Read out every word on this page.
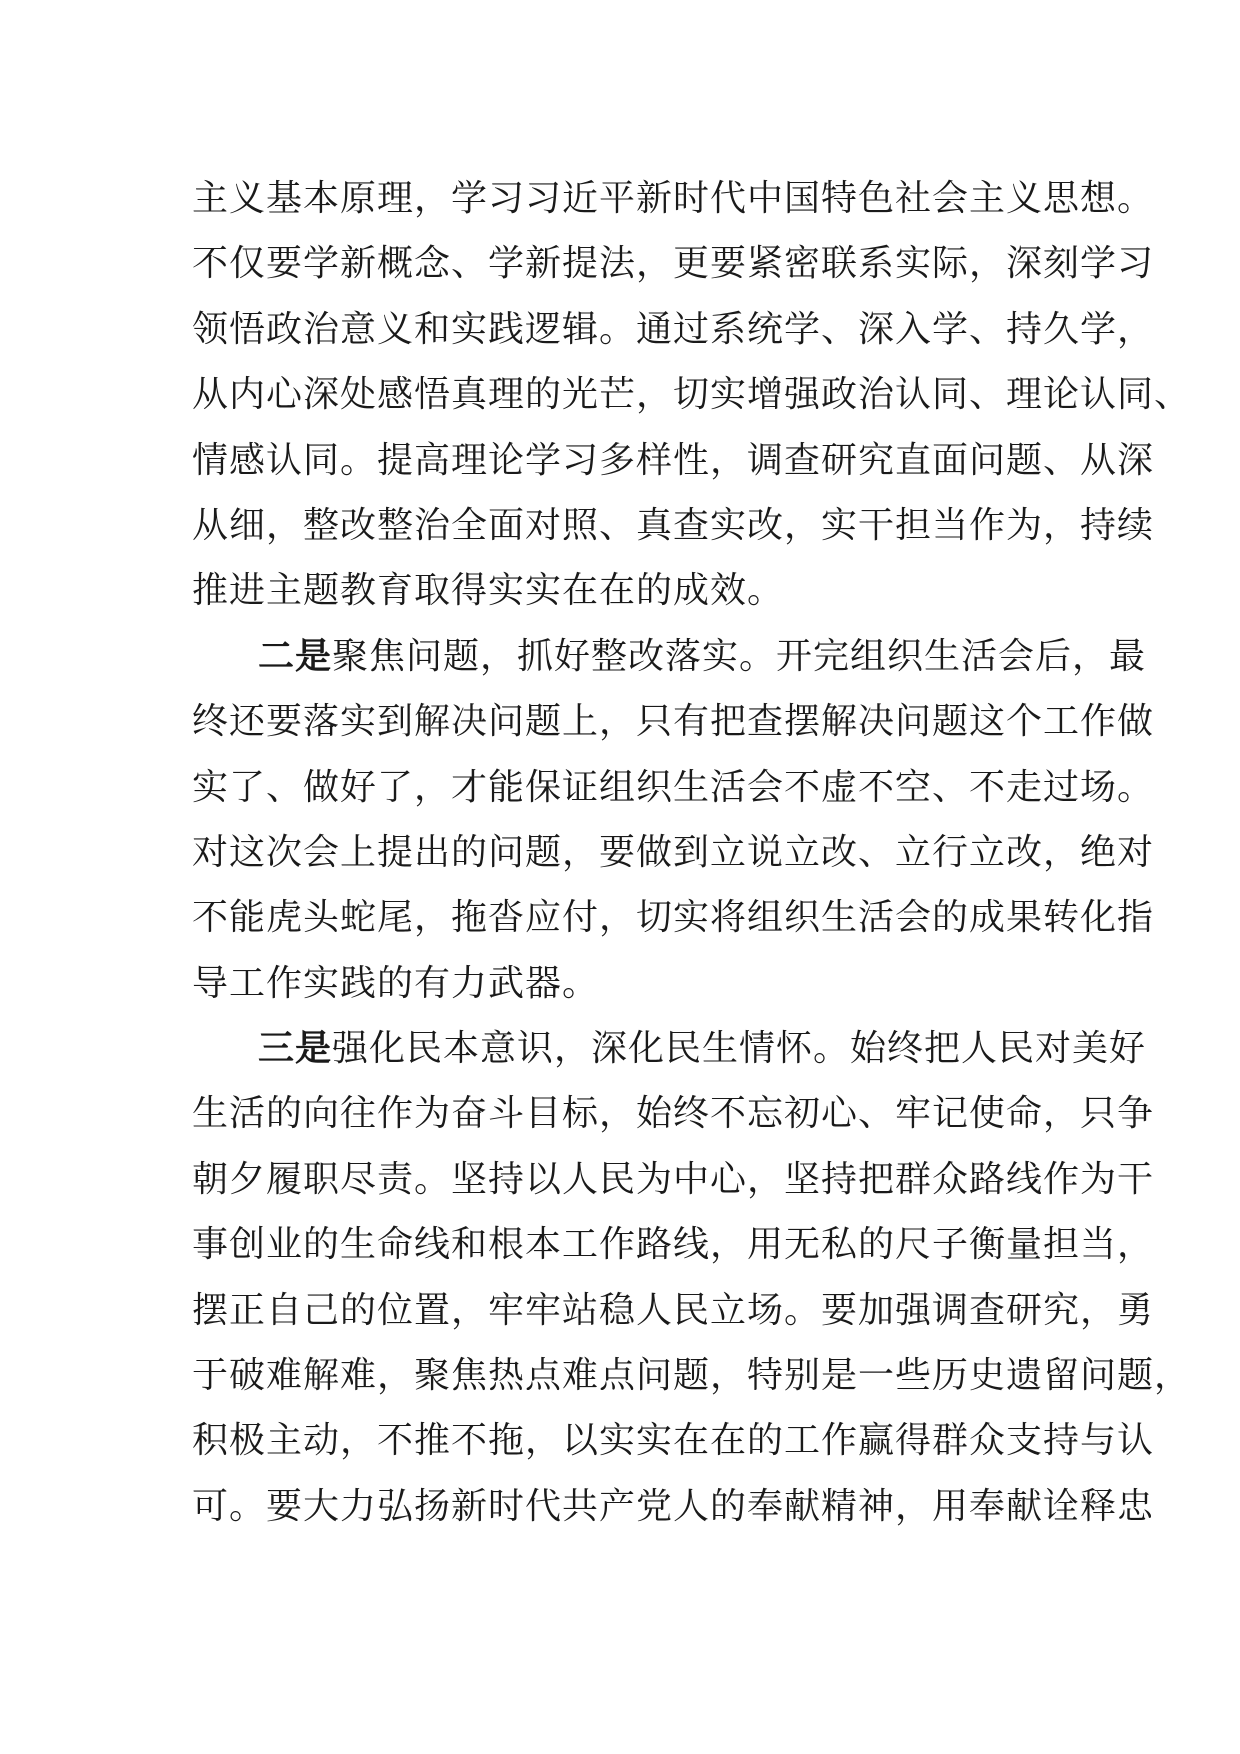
主义基本原理，学习习近平新时代中国特色社会主义思想。
不仅要学新概念、学新提法，更要紧密联系实际，深刻学习
领悟政治意义和实践逻辑。通过系统学、深入学、持久学，
从内心深处感悟真理的光芒，切实增强政治认同、理论认同、
情感认同。提高理论学习多样性，调查研究直面问题、从深
从细，整改整治全面对照、真查实改，实干担当作为，持续
推进主题教育取得实实在在的成效。
二是聚焦问题，抓好整改落实。开完组织生活会后，最
终还要落实到解决问题上，只有把查摆解决问题这个工作做
实了、做好了，才能保证组织生活会不虚不空、不走过场。
对这次会上提出的问题，要做到立说立改、立行立改，绝对
不能虎头蛇尾，拖沓应付，切实将组织生活会的成果转化指
导工作实践的有力武器。
三是强化民本意识，深化民生情怀。始终把人民对美好
生活的向往作为奋斗目标，始终不忘初心、牢记使命，只争
朝夕履职尽责。坚持以人民为中心，坚持把群众路线作为干
事创业的生命线和根本工作路线，用无私的尺子衡量担当，
摆正自己的位置，牢牢站稳人民立场。要加强调查研究，勇
于破难解难，聚焦热点难点问题，特别是一些历史遗留问题，
积极主动，不推不拖，以实实在在的工作赢得群众支持与认
可。要大力弘扬新时代共产党人的奉献精神，用奉献诠释忠
